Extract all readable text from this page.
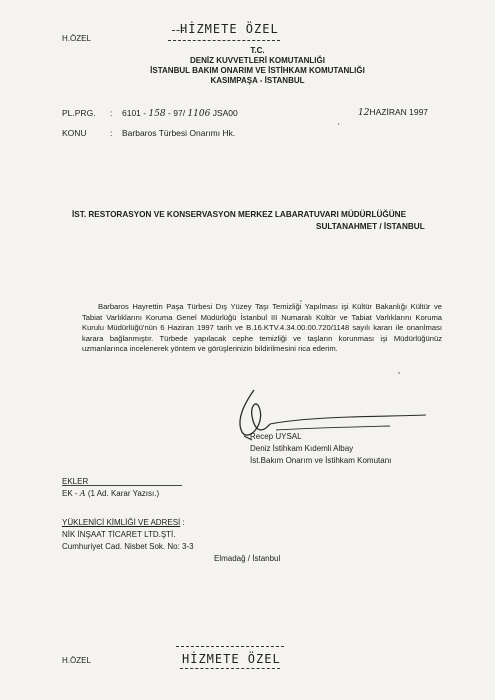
H.ÖZEL
HİZMETE ÖZEL
T.C.
DENİZ KUVVETLERİ KOMUTANLIĞI
İSTANBUL BAKIM ONARIM VE İSTİHKAM KOMUTANLIĞI
KASIMPAŞA - İSTANBUL
PL.PRG. : 6101 - 158 - 97/ 1106 JSA00	12HAZİRAN 1997
KONU	: Barbaros Türbesi Onarımı Hk.
′
İST. RESTORASYON VE KONSERVASYON MERKEZ LABARATUVARI MÜDÜRLÜĞÜNE
SULTANAHMET / İSTANBUL

Barbaros Hayrettin Paşa Türbesi Dış Yüzey Taşı Temizliği Yapılması işi Kültür Bakanlığı Kültür ve Tabiat Varlıklarını Koruma Genel Müdürlüğü İstanbul III Numaralı Kültür ve Tabiat Varlıklarını Koruma Kurulu Müdürlüğü'nün 6 Haziran 1997 tarih ve B.16.KTV.4.34.00.00.720/1148 sayılı kararı ile onarılması karara bağlanmıştır. Türbede yapılacak cephe temizliği ve taşların korunması işi Müdürlüğünüz uzmanlarınca incelenerek yöntem ve görüşlerinizin bildirilmesini rica ederim.

Recep UYSAL
Deniz İstihkam Kıdemli Albay
İst.Bakım Onarım ve İstihkam Komutanı
EKLER
EK - A (1 Ad. Karar Yazısı.)
YÜKLENİCİ KİMLİĞİ VE ADRESİ :
NİK İNŞAAT TİCARET LTD.ŞTİ.
Cumhuriyet Cad. Nisbet Sok. No: 3-3
Elmadağ / İstanbul
HİZMETE ÖZEL
H.ÖZEL
